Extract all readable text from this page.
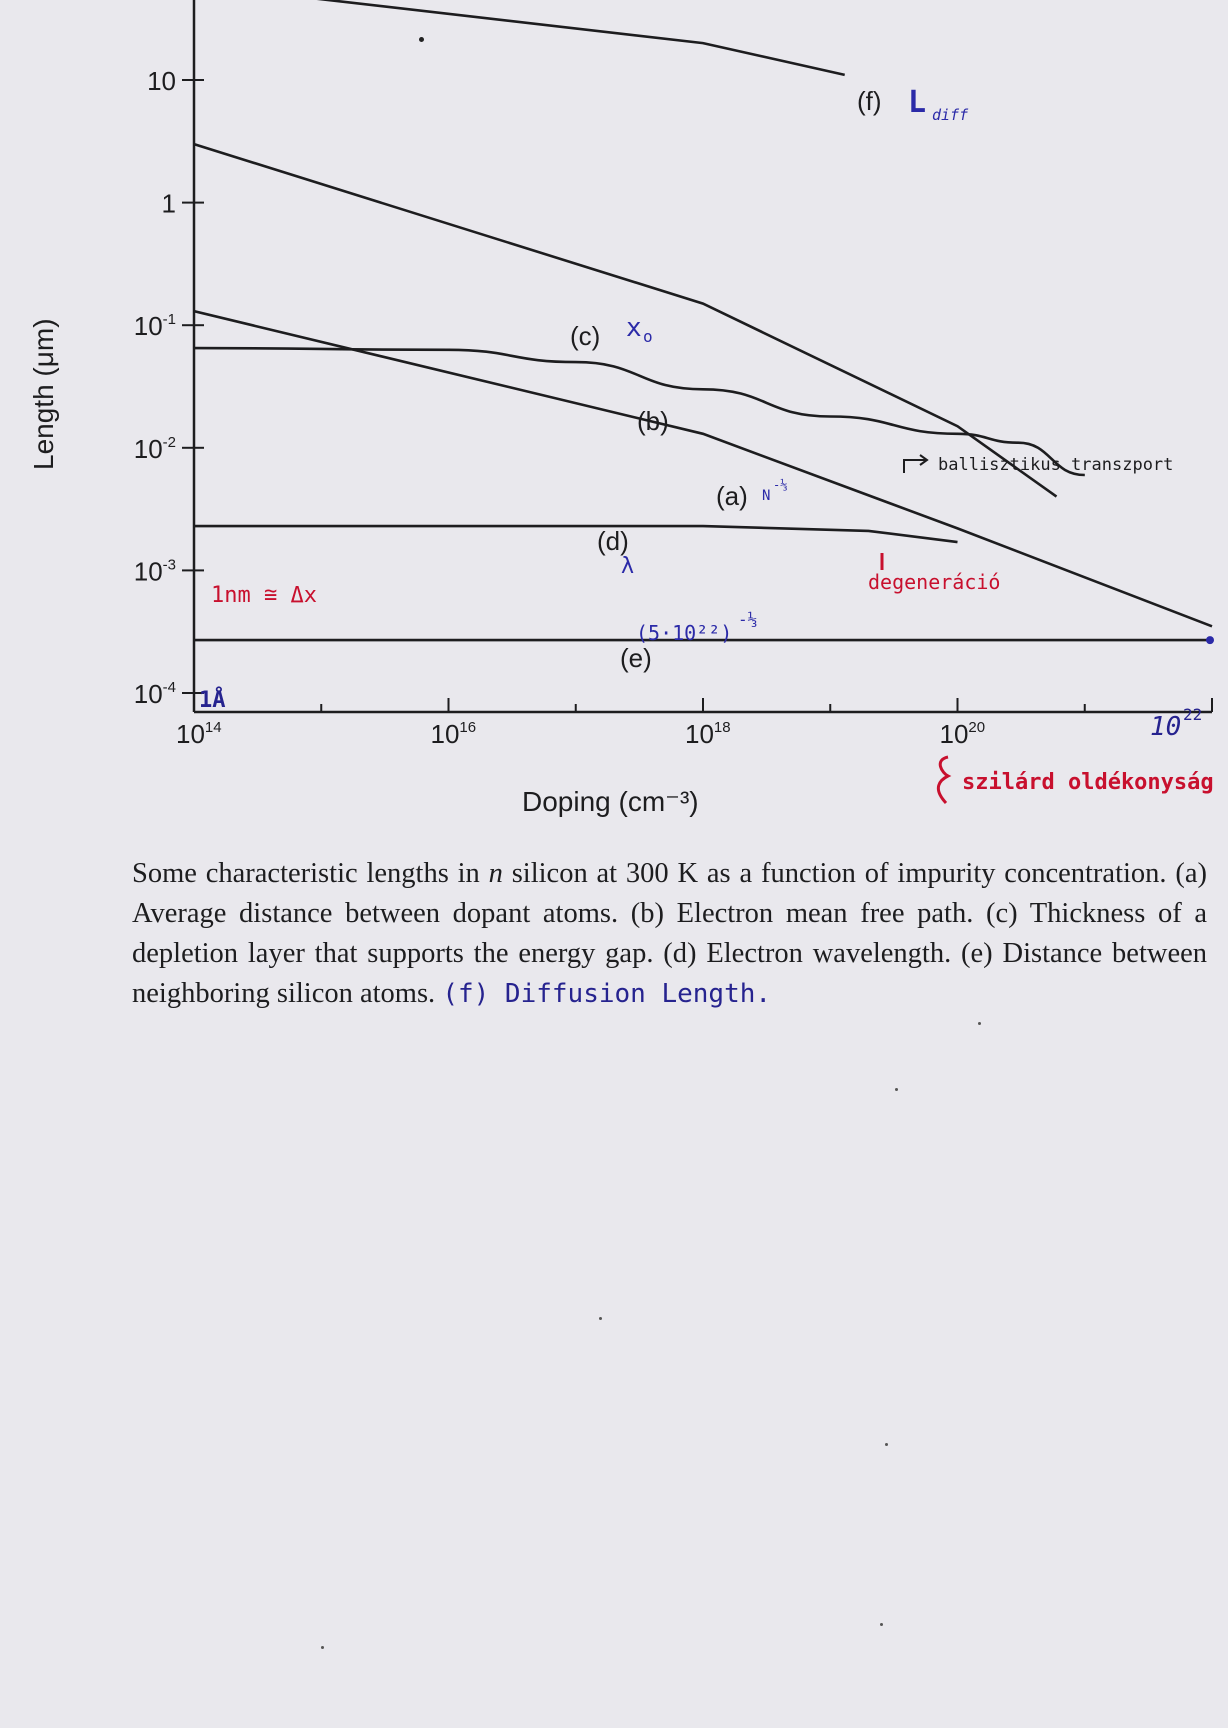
$10^{14}$	$10^{16}$	$10^{18}$	$10^{20}$
10
1
$10^{-1}$
$10^{-2}$
$10^{-3}$
$10^{-4}$
(f)
(c)
(b)
(a)
(d)
(e)
L diff
x o
N
-⅓
λ
(5·10²²)
-⅓
ballisztikus transzport
degeneráció
1nm ≅ Δx
1Å
10 22
szilárd oldékonyság
Length (μm)
Doping (cm⁻³)
Some characteristic lengths in n silicon at 300 K as a function of impurity concentration. (a) Average distance between dopant atoms. (b) Electron mean free path. (c) Thickness of a depletion layer that supports the energy gap. (d) Electron wavelength. (e) Distance between neighboring silicon atoms. (f) Diffusion Length.
